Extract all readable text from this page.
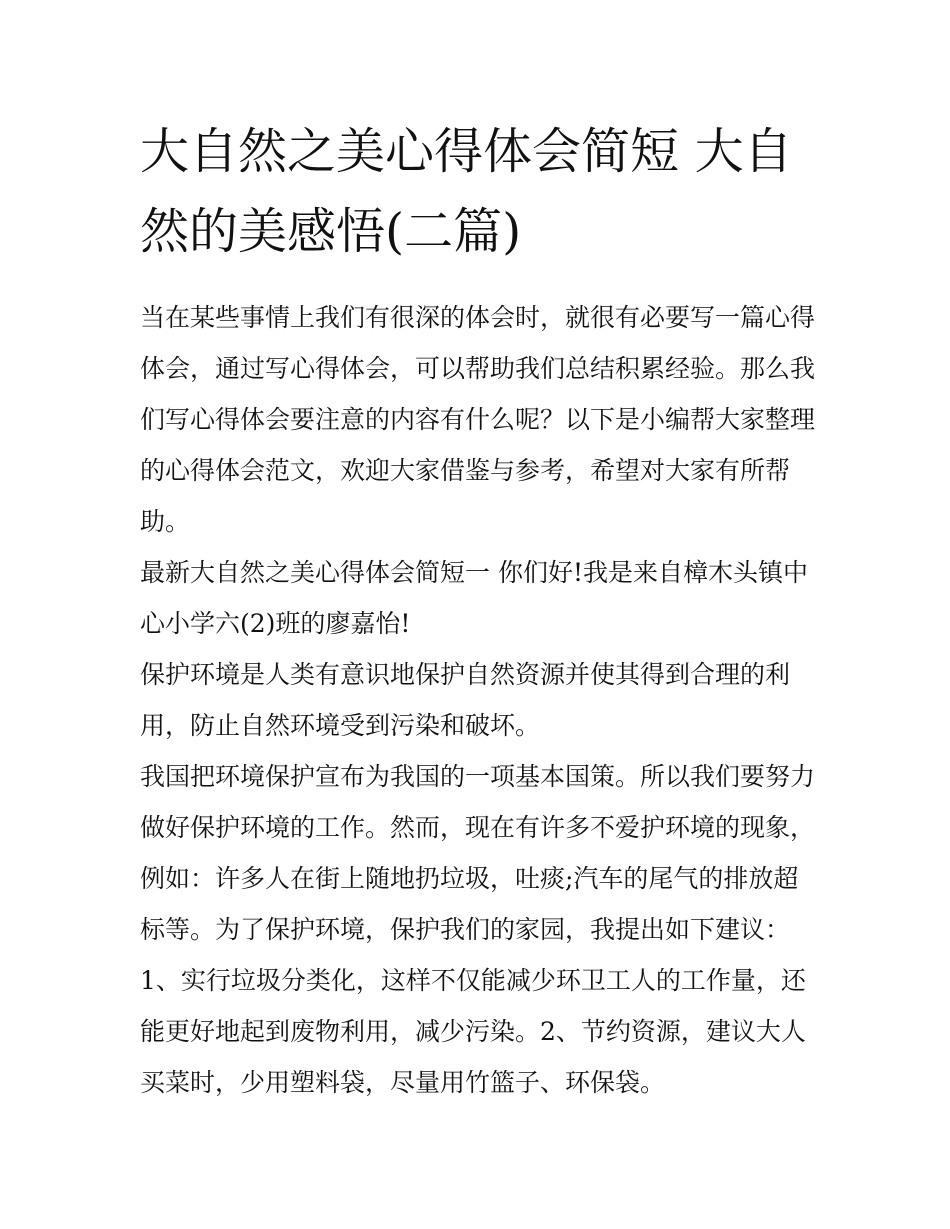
大自然之美心得体会简短 大自然的美感悟(二篇)

当在某些事情上我们有很深的体会时，就很有必要写一篇心得体会，通过写心得体会，可以帮助我们总结积累经验。那么我们写心得体会要注意的内容有什么呢？以下是小编帮大家整理的心得体会范文，欢迎大家借鉴与参考，希望对大家有所帮助。

最新大自然之美心得体会简短一 你们好!我是来自樟木头镇中心小学六(2)班的廖嘉怡!

保护环境是人类有意识地保护自然资源并使其得到合理的利用，防止自然环境受到污染和破坏。

我国把环境保护宣布为我国的一项基本国策。所以我们要努力做好保护环境的工作。然而，现在有许多不爱护环境的现象，例如：许多人在街上随地扔垃圾，吐痰;汽车的尾气的排放超标等。为了保护环境，保护我们的家园，我提出如下建议：

1、实行垃圾分类化，这样不仅能减少环卫工人的工作量，还能更好地起到废物利用，减少污染。2、节约资源，建议大人买菜时，少用塑料袋，尽量用竹篮子、环保袋。
